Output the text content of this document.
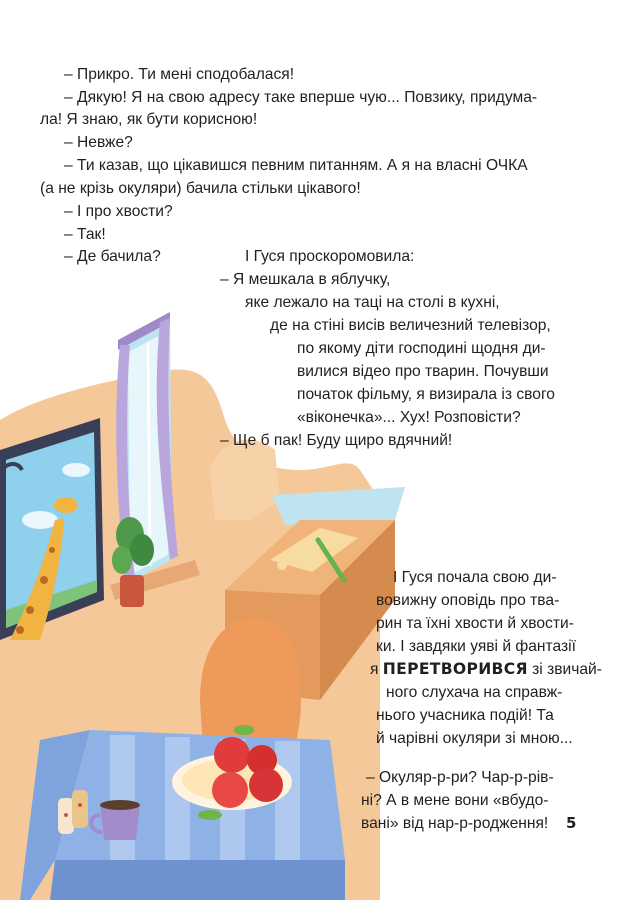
– Прикро. Ти мені сподобалася!
– Дякую! Я на свою адресу таке вперше чую... Повзику, придума-
ла! Я знаю, як бути корисною!
– Невже?
– Ти казав, що цікавишся певним питанням. А я на власні ОЧКА
(а не крізь окуляри) бачила стільки цікавого!
– І про хвости?
– Так!
– Де бачила?	І Гуся проскоромовила:
– Я мешкала в яблучку,
яке лежало на таці на столі в кухні,
де на стіні висів величезний телевізор,
по якому діти господині щодня ди-
вилися відео про тварин. Почувши
початок фільму, я визирала із свого
«віконечка»... Хух! Розповісти?
– Ще б пак! Буду щиро вдячний!
І Гуся почала свою ди-
вовижну оповідь про тва-
рин та їхні хвости й хвости-
ки. І завдяки уяві й фантазії
я ПЕРЕТВОРИВСЯ зі звичай-
ного слухача на справж-
нього учасника подій! Та
й чарівні окуляри зі мною...
– Окуляр-р-ри? Чар-р-рів-
ні? А в мене вони «вбудо-
вані» від нар-р-родження! 5
